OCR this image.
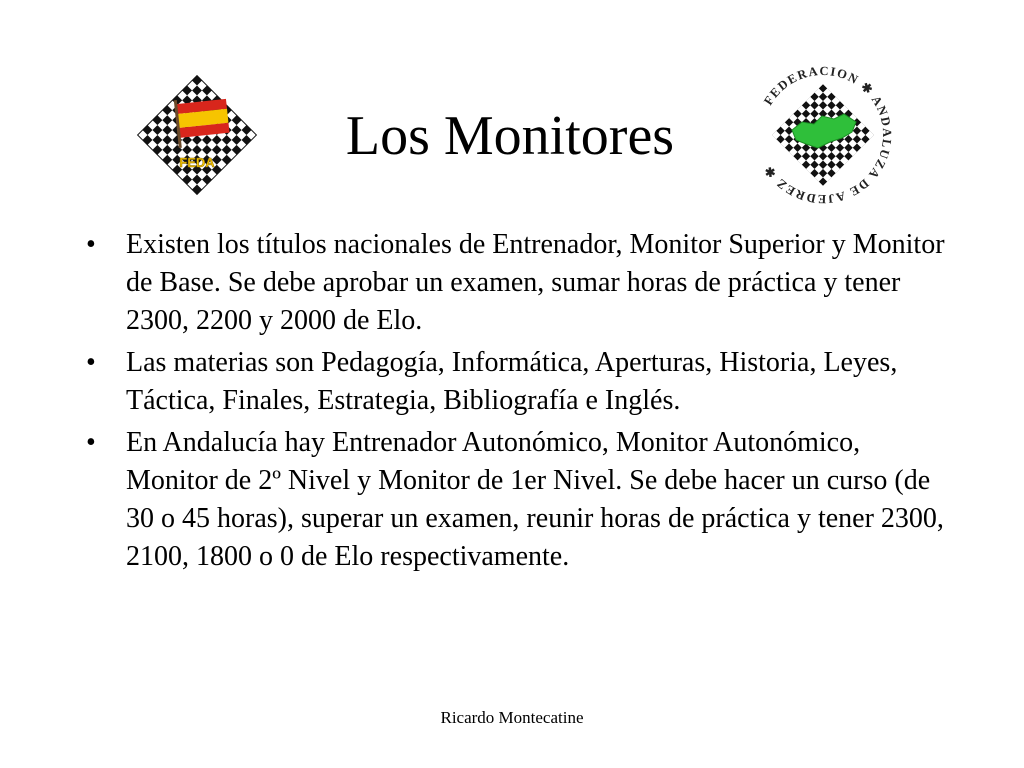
FEDA	Los Monitores
FEDERACION ✱ ANDALUZA DE AJEDREZ ✱
• Existen los títulos nacionales de Entrenador, Monitor Superior y Monitor de Base. Se debe aprobar un examen, sumar horas de práctica y tener 2300, 2200 y 2000 de Elo.
• Las materias son Pedagogía, Informática, Aperturas, Historia, Leyes, Táctica, Finales, Estrategia, Bibliografía e Inglés.
• En Andalucía hay Entrenador Autonómico, Monitor Autonómico, Monitor de 2º Nivel y Monitor de 1er Nivel. Se debe hacer un curso (de 30 o 45 horas), superar un examen, reunir horas de práctica y tener 2300, 2100, 1800 o 0 de Elo respectivamente.
Ricardo Montecatine
